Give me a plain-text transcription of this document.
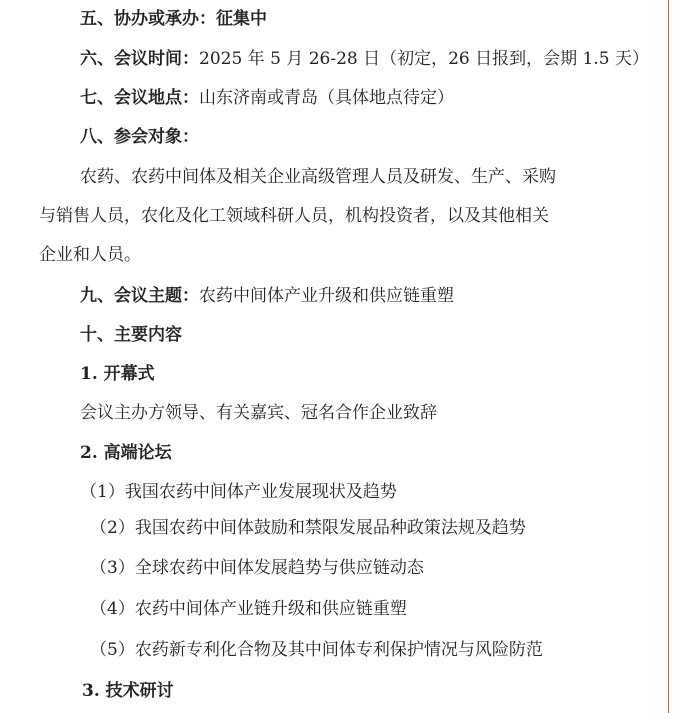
五、协办或承办：征集中
六、会议时间：2025 年 5 月 26-28 日（初定，26 日报到，会期 1.5 天）
七、会议地点：山东济南或青岛（具体地点待定）
八、参会对象：
农药、农药中间体及相关企业高级管理人员及研发、生产、采购
与销售人员，农化及化工领域科研人员，机构投资者，以及其他相关
企业和人员。
九、会议主题：农药中间体产业升级和供应链重塑
十、主要内容
1. 开幕式
会议主办方领导、有关嘉宾、冠名合作企业致辞
2. 高端论坛
（1）我国农药中间体产业发展现状及趋势
（2）我国农药中间体鼓励和禁限发展品种政策法规及趋势
（3）全球农药中间体发展趋势与供应链动态
（4）农药中间体产业链升级和供应链重塑
（5）农药新专利化合物及其中间体专利保护情况与风险防范
3. 技术研讨
